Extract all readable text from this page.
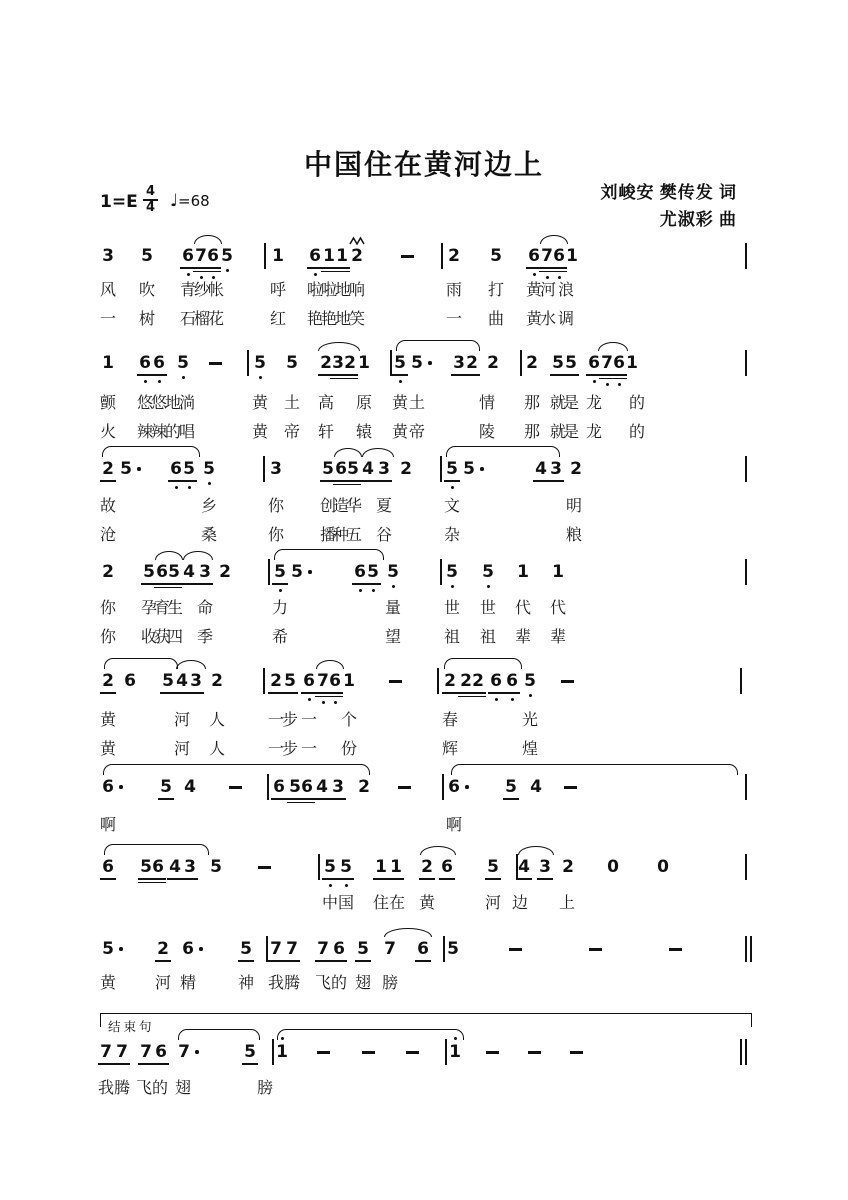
中国住在黄河边上
1=E
4
4 ♩=68	刘峻安 樊传发 词
尤淑彩 曲
3 5 6 7 6 5 1 6 1 1 2	2 5 6 7 6 1
风 吹 青
纱
帐	呼 啦
啦
地
响	雨 打 黄
河 浪
一 树 石
榴
花	红 艳
艳
地
笑	一 曲 黄
水 调
1 6 6 5	5 5 2 3 2 1 5 5 3 2 2 2 5 5 6 7 6 1
颤 悠
悠
地
淌	黄 土 高 原 黄 土	情 那 就
是 龙 的
火 辣
辣
的
唱	黄 帝 轩 辕 黄 帝	陵 那 就
是 龙 的
2 5 6 5 5	3 5 6 5 4 3 2 5 5	4 3 2
故	乡	你 创
造
华 夏	文	明
沧	桑	你 播
种
五 谷	杂	粮
2 5 6 5 4 3 2	5 5	6 5 5	5 5 1 1
你 孕
育
生 命	力	量	世 世 代 代
你 收
获
四 季	希	望	祖 祖 辈 辈
2 6 5 4 3 2	2 5 6 7 6 1	2 2 2 6 6 5
黄	河 人	一
步 一 个	春	光
黄	河 人	一
步 一 份	辉	煌
6	5 4	6 5 6 4 3 2	6	5 4
啊	啊
6 5 6 4 3 5	5 5 1 1 2 6 5 4 3 2 0 0
中 国 住 在 黄	河 边 上
5	2 6	5 7 7 7 6 5 7 6 5
黄 河 精	神 我 腾 飞 的 翅 膀
7 7 7 6 7	5 1	1
我 腾 飞 的 翅	膀
结束句
